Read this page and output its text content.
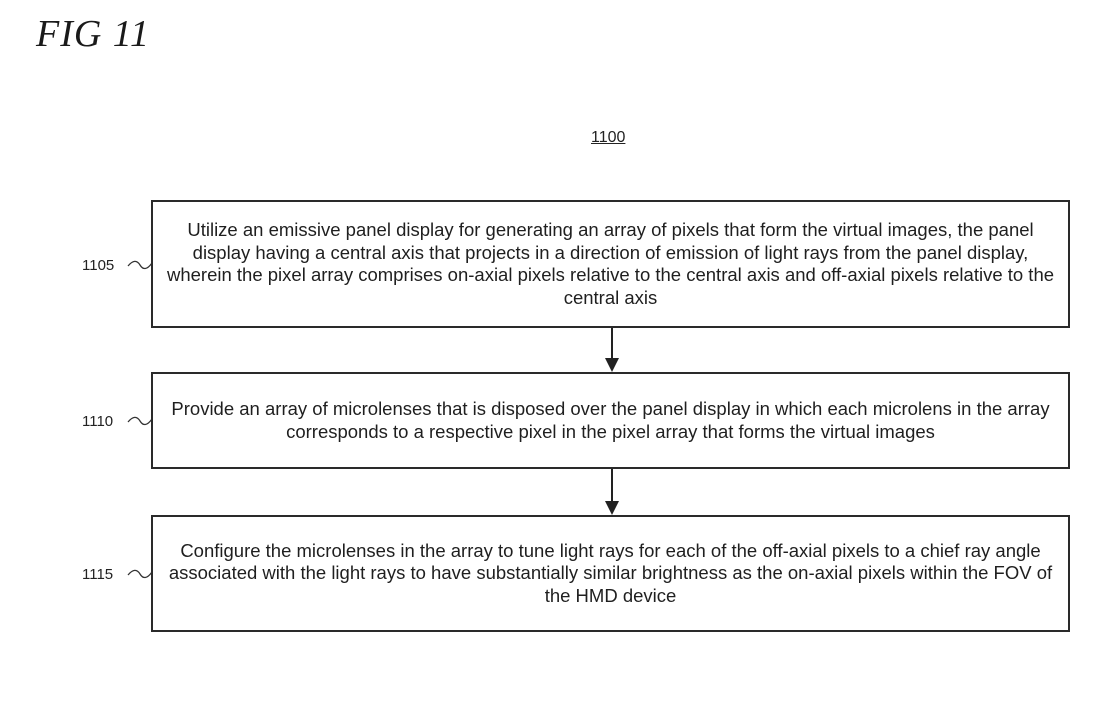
FIG 11
1100
1105
Utilize an emissive panel display for generating an array of pixels that form the virtual images, the panel display having a central axis that projects in a direction of emission of light rays from the panel display, wherein the pixel array comprises on-axial pixels relative to the central axis and off-axial pixels relative to the central axis
1110
Provide an array of microlenses that is disposed over the panel display in which each microlens in the array corresponds to a respective pixel in the pixel array that forms the virtual images
1115
Configure the microlenses in the array to tune light rays for each of the off-axial pixels to a chief ray angle associated with the light rays to have substantially similar brightness as the on-axial pixels within the FOV of the HMD device
